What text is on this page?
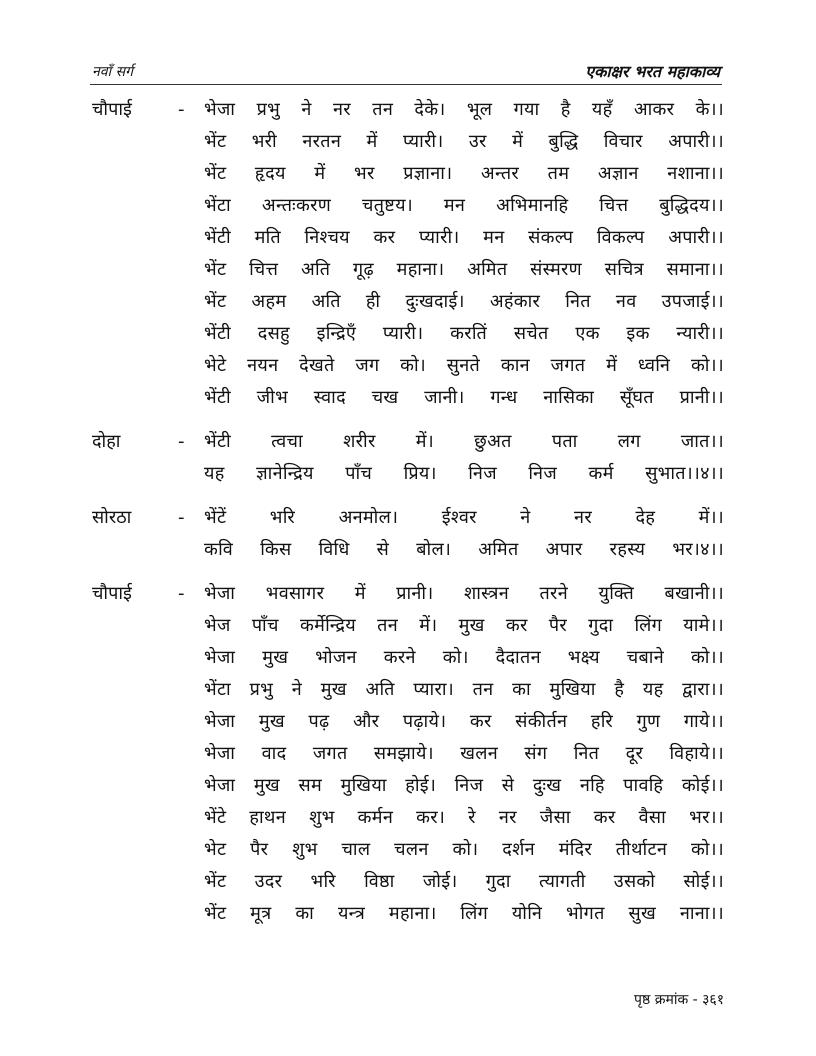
नवाँ सर्ग	एकाक्षर भरत महाकाव्य
चौपाई	- भेजा प्रभु ने नर तन देके। भूल गया है यहँ आकर के।।
भेंट भरी नरतन में प्यारी। उर में बुद्धि विचार अपारी।।
भेंट हृदय में भर प्रज्ञाना। अन्तर तम अज्ञान नशाना।।
भेंटा अन्तःकरण चतुष्टय। मन अभिमानहि चित्त बुद्धिदय।।
भेंटी मति निश्चय कर प्यारी। मन संकल्प विकल्प अपारी।।
भेंट चित्त अति गूढ़ महाना। अमित संस्मरण सचित्र समाना।।
भेंट अहम अति ही दुःखदाई। अहंकार नित नव उपजाई।।
भेंटी दसहु इन्द्रिएँ प्यारी। करतिं सचेत एक इक न्यारी।।
भेटे नयन देखते जग को। सुनते कान जगत में ध्वनि को।।
भेंटी जीभ स्वाद चख जानी। गन्ध नासिका सूँघत प्रानी।।
दोहा	- भेंटी त्वचा शरीर में। छुअत पता लग जात।।
यह ज्ञानेन्द्रिय पाँच प्रिय। निज निज कर्म सुभात।।४।।
सोरठा	- भेंटें भरि अनमोल। ईश्वर ने नर देह में।।
कवि किस विधि से बोल। अमित अपार रहस्य भर।४।।
चौपाई	- भेजा भवसागर में प्रानी। शास्त्रन तरने युक्ति बखानी।।
भेज पाँच कर्मेन्द्रिय तन में। मुख कर पैर गुदा लिंग यामे।।
भेजा मुख भोजन करने को। दैदातन भक्ष्य चबाने को।।
भेंटा प्रभु ने मुख अति प्यारा। तन का मुखिया है यह द्वारा।।
भेजा मुख पढ़ और पढ़ाये। कर संकीर्तन हरि गुण गाये।।
भेजा वाद जगत समझाये। खलन संग नित दूर विहाये।।
भेजा मुख सम मुखिया होई। निज से दुःख नहि पावहि कोई।।
भेंटे हाथन शुभ कर्मन कर। रे नर जैसा कर वैसा भर।।
भेट पैर शुभ चाल चलन को। दर्शन मंदिर तीर्थाटन को।।
भेंट उदर भरि विष्ठा जोई। गुदा त्यागती उसको सोई।।
भेंट मूत्र का यन्त्र महाना। लिंग योनि भोगत सुख नाना।।
पृष्ठ क्रमांक - ३६१
